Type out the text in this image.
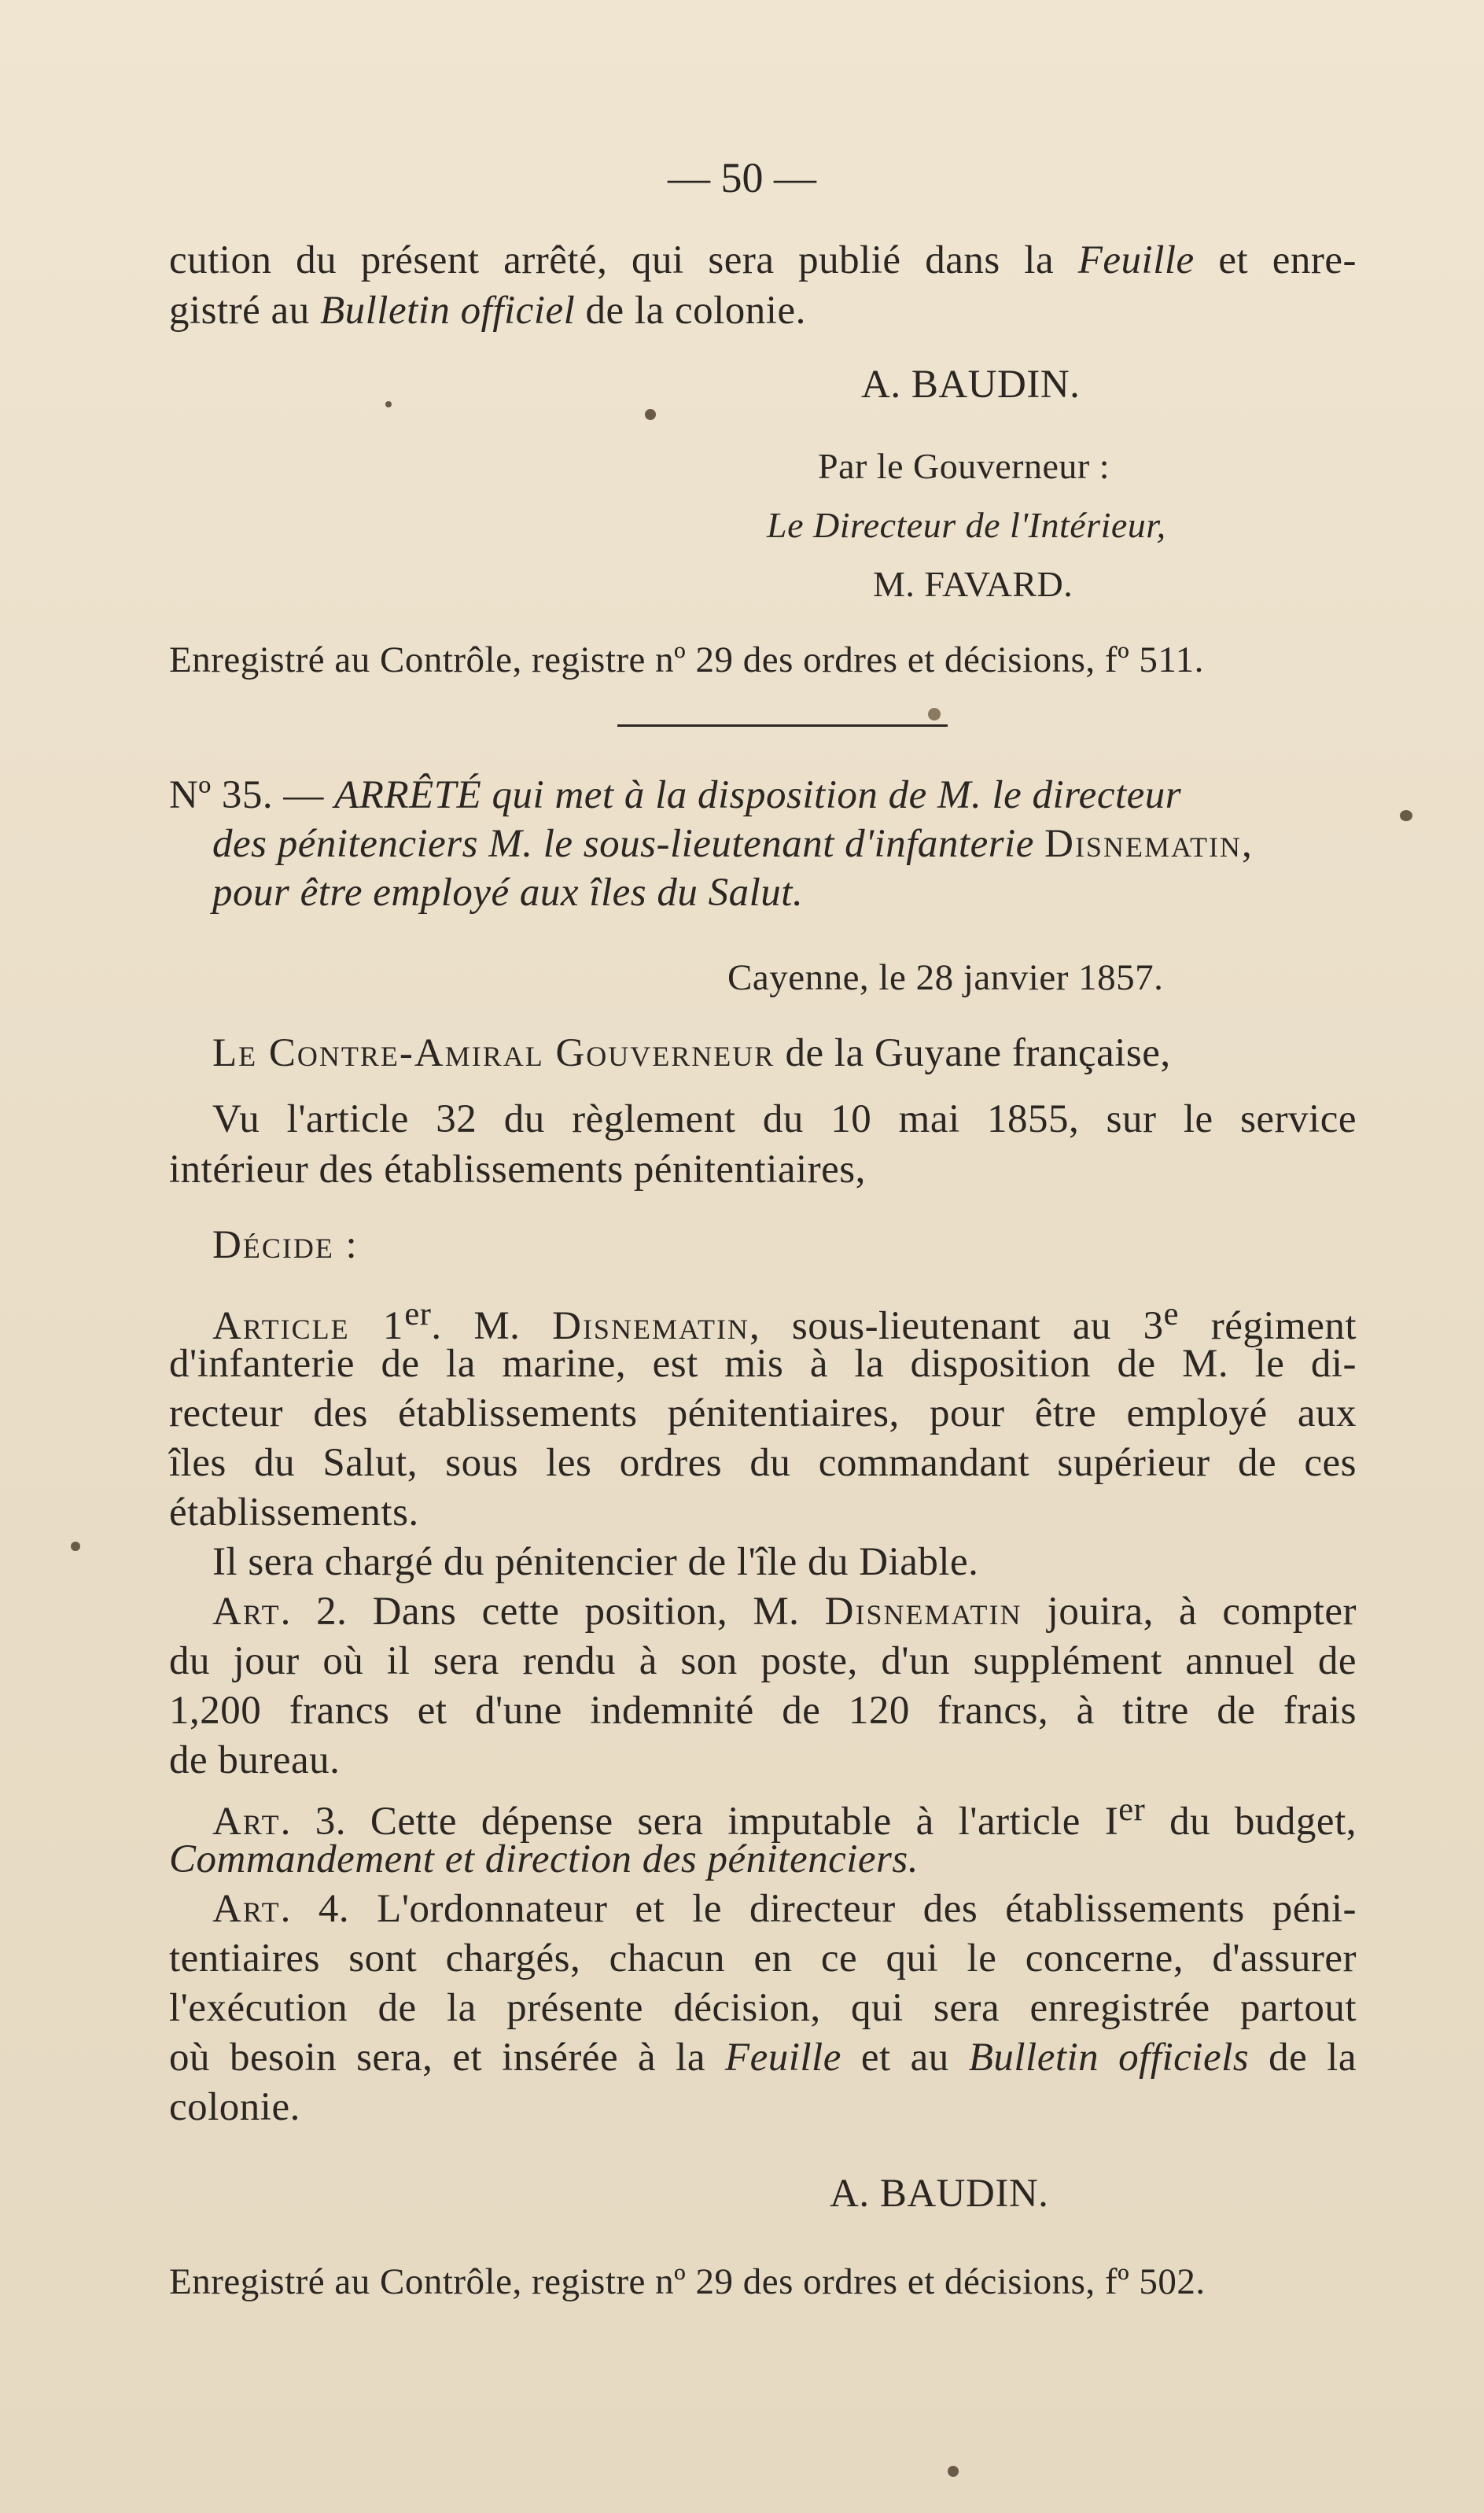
— 50 —
cution du présent arrêté, qui sera publié dans la Feuille et enre-
gistré au Bulletin officiel de la colonie.
A. BAUDIN.
Par le Gouverneur :
Le Directeur de l'Intérieur,
M. FAVARD.
Enregistré au Contrôle, registre nº 29 des ordres et décisions, fº 511.
Nº 35. — ARRÊTÉ qui met à la disposition de M. le directeur
des pénitenciers M. le sous-lieutenant d'infanterie Disnematin,
pour être employé aux îles du Salut.
Cayenne, le 28 janvier 1857.
Le Contre-Amiral Gouverneur de la Guyane française,
Vu l'article 32 du règlement du 10 mai 1855, sur le service
intérieur des établissements pénitentiaires,
Décide :
Article 1er. M. Disnematin, sous-lieutenant au 3e régiment
d'infanterie de la marine, est mis à la disposition de M. le di-
recteur des établissements pénitentiaires, pour être employé aux
îles du Salut, sous les ordres du commandant supérieur de ces
établissements.
Il sera chargé du pénitencier de l'île du Diable.
Art. 2. Dans cette position, M. Disnematin jouira, à compter
du jour où il sera rendu à son poste, d'un supplément annuel de
1,200 francs et d'une indemnité de 120 francs, à titre de frais
de bureau.
Art. 3. Cette dépense sera imputable à l'article Ier du budget,
Commandement et direction des pénitenciers.
Art. 4. L'ordonnateur et le directeur des établissements péni-
tentiaires sont chargés, chacun en ce qui le concerne, d'assurer
l'exécution de la présente décision, qui sera enregistrée partout
où besoin sera, et insérée à la Feuille et au Bulletin officiels de la
colonie.
A. BAUDIN.
Enregistré au Contrôle, registre nº 29 des ordres et décisions, fº 502.
